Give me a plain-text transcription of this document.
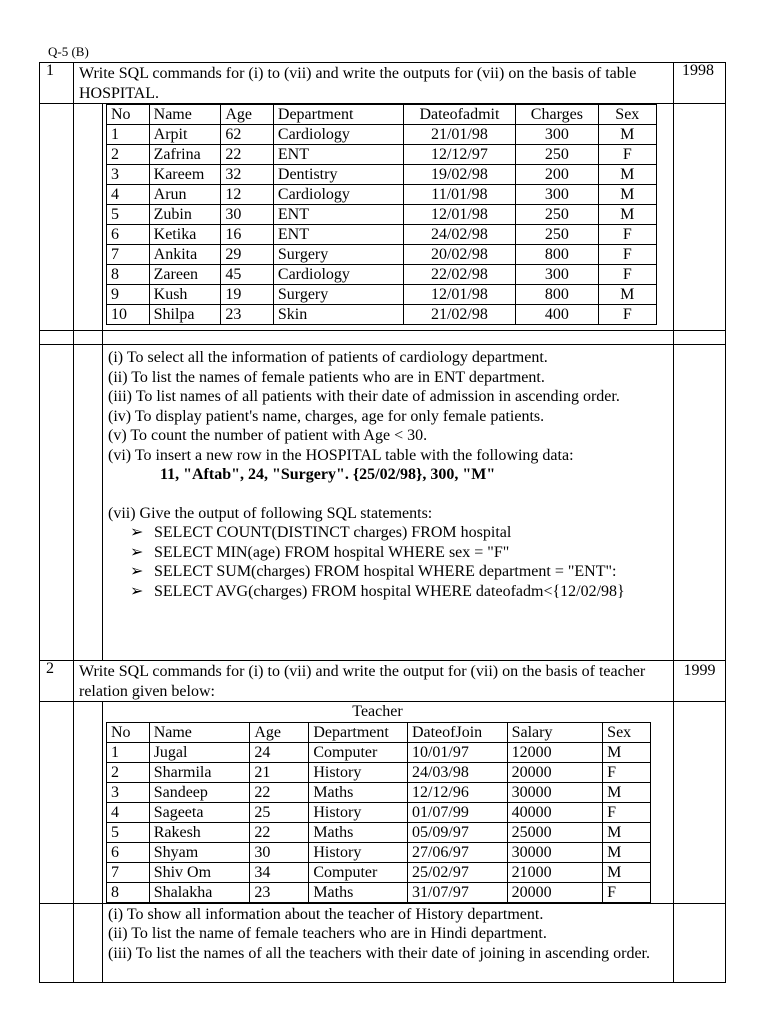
Q-5 (B)
1	Write SQL commands for (i) to (vii) and write the outputs for (vii) on the basis of table HOSPITAL.	1998

No	Name	Age	Department	Dateofadmit	Charges	Sex
1	Arpit	62	Cardiology	21/01/98	300	M
2	Zafrina	22	ENT	12/12/97	250	F
3	Kareem	32	Dentistry	19/02/98	200	M
4	Arun	12	Cardiology	11/01/98	300	M
5	Zubin	30	ENT	12/01/98	250	M
6	Ketika	16	ENT	24/02/98	250	F
7	Ankita	29	Surgery	20/02/98	800	F
8	Zareen	45	Cardiology	22/02/98	300	F
9	Kush	19	Surgery	12/01/98	800	M
10	Shilpa	23	Skin	21/02/98	400	F

(i) To select all the information of patients of cardiology department.
(ii) To list the names of female patients who are in ENT department.
(iii) To list names of all patients with their date of admission in ascending order.
(iv) To display patient's name, charges, age for only female patients.
(v) To count the number of patient with Age < 30.
(vi) To insert a new row in the HOSPITAL table with the following data:
11, "Aftab", 24, "Surgery". {25/02/98}, 300, "M"
(vii) Give the output of following SQL statements:
➢ SELECT COUNT(DISTINCT charges) FROM hospital
➢ SELECT MIN(age) FROM hospital WHERE sex = "F"
➢ SELECT SUM(charges) FROM hospital WHERE department = "ENT":
➢ SELECT AVG(charges) FROM hospital WHERE dateofadm<{12/02/98}

2	Write SQL commands for (i) to (vii) and write the output for (vii) on the basis of teacher relation given below:	1999

Teacher
No	Name	Age	Department	DateofJoin	Salary	Sex
1	Jugal	24	Computer	10/01/97	12000	M
2	Sharmila	21	History	24/03/98	20000	F
3	Sandeep	22	Maths	12/12/96	30000	M
4	Sageeta	25	History	01/07/99	40000	F
5	Rakesh	22	Maths	05/09/97	25000	M
6	Shyam	30	History	27/06/97	30000	M
7	Shiv Om	34	Computer	25/02/97	21000	M
8	Shalakha	23	Maths	31/07/97	20000	F

(i) To show all information about the teacher of History department.
(ii) To list the name of female teachers who are in Hindi department.
(iii) To list the names of all the teachers with their date of joining in ascending order.
